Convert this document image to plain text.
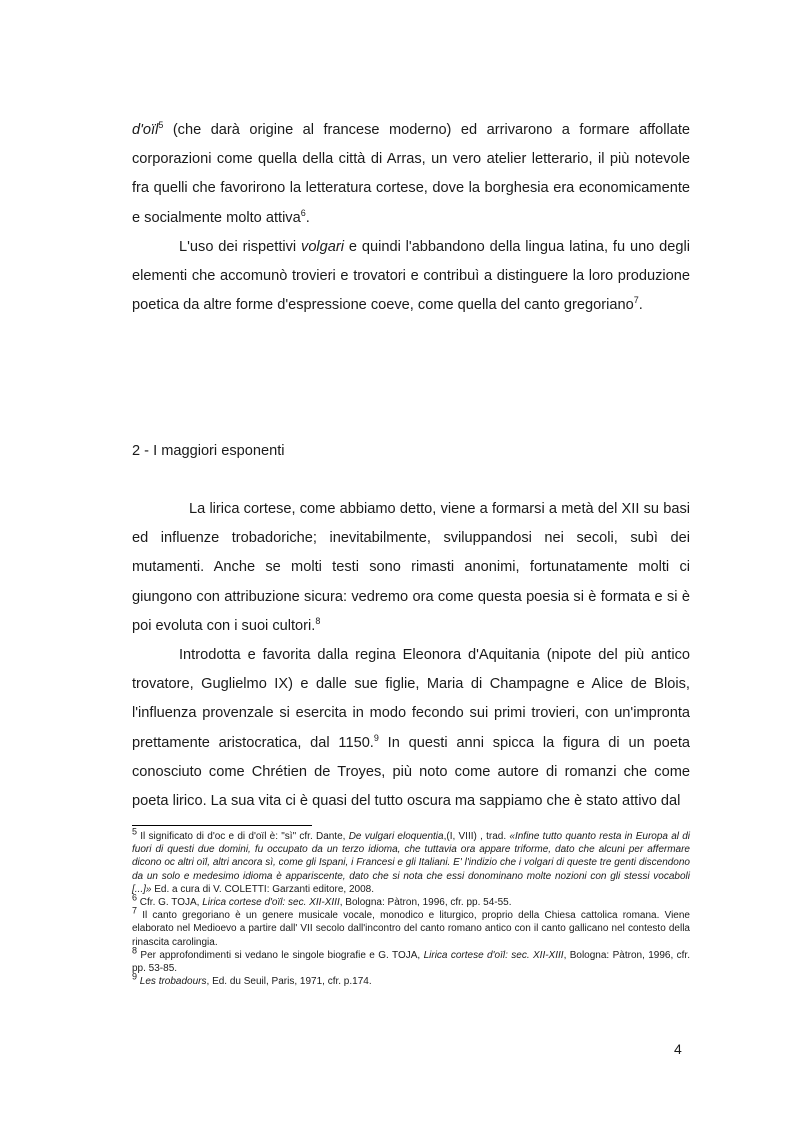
d'oïl$^5$ (che darà origine al francese moderno) ed arrivarono a formare affollate corporazioni come quella della città di Arras, un vero atelier letterario, il più notevole fra quelli che favorirono la letteratura cortese, dove la borghesia era economicamente e socialmente molto attiva$^6$.

L'uso dei rispettivi volgari e quindi l'abbandono della lingua latina, fu uno degli elementi che accomunò trovieri e trovatori e contribuì a distinguere la loro produzione poetica da altre forme d'espressione coeve, come quella del canto gregoriano$^7$.

2 - I maggiori esponenti

La lirica cortese, come abbiamo detto, viene a formarsi a metà del XII su basi ed influenze trobadoriche; inevitabilmente, sviluppandosi nei secoli, subì dei mutamenti. Anche se molti testi sono rimasti anonimi, fortunatamente molti ci giungono con attribuzione sicura: vedremo ora come questa poesia si è formata e si è poi evoluta con i suoi cultori.$^8$

Introdotta e favorita dalla regina Eleonora d'Aquitania (nipote del più antico trovatore, Guglielmo IX) e dalle sue figlie, Maria di Champagne e Alice de Blois, l'influenza provenzale si esercita in modo fecondo sui primi trovieri, con un'impronta prettamente aristocratica, dal 1150.$^9$ In questi anni spicca la figura di un poeta conosciuto come Chrétien de Troyes, più noto come autore di romanzi che come poeta lirico. La sua vita ci è quasi del tutto oscura ma sappiamo che è stato attivo dal

$^5$ Il significato di d'oc e di d'oïl è: "sì" cfr. Dante, De vulgari eloquentia,(I, VIII) , trad. «Infine tutto quanto resta in Europa al di fuori di questi due domini, fu occupato da un terzo idioma, che tuttavia ora appare triforme, dato che alcuni per affermare dicono oc altri oïl, altri ancora sì, come gli Ispani, i Francesi e gli Italiani. E' l'indizio che i volgari di queste tre genti discendono da un solo e medesimo idioma è appariscente, dato che si nota che essi donominano molte nozioni con gli stessi vocaboli [...]» Ed. a cura di V. COLETTI: Garzanti editore, 2008.

$^6$ Cfr. G. TOJA, Lirica cortese d'oïl: sec. XII-XIII, Bologna: Pàtron, 1996, cfr. pp. 54-55.

$^7$ Il canto gregoriano è un genere musicale vocale, monodico e liturgico, proprio della Chiesa cattolica romana. Viene elaborato nel Medioevo a partire dall' VII secolo dall'incontro del canto romano antico con il canto gallicano nel contesto della rinascita carolingia.

$^8$ Per approfondimenti si vedano le singole biografie e G. TOJA, Lirica cortese d'oïl: sec. XII-XIII, Bologna: Pàtron, 1996, cfr. pp. 53-85.

$^9$ Les trobadours, Ed. du Seuil, Paris, 1971, cfr. p.174.

4
